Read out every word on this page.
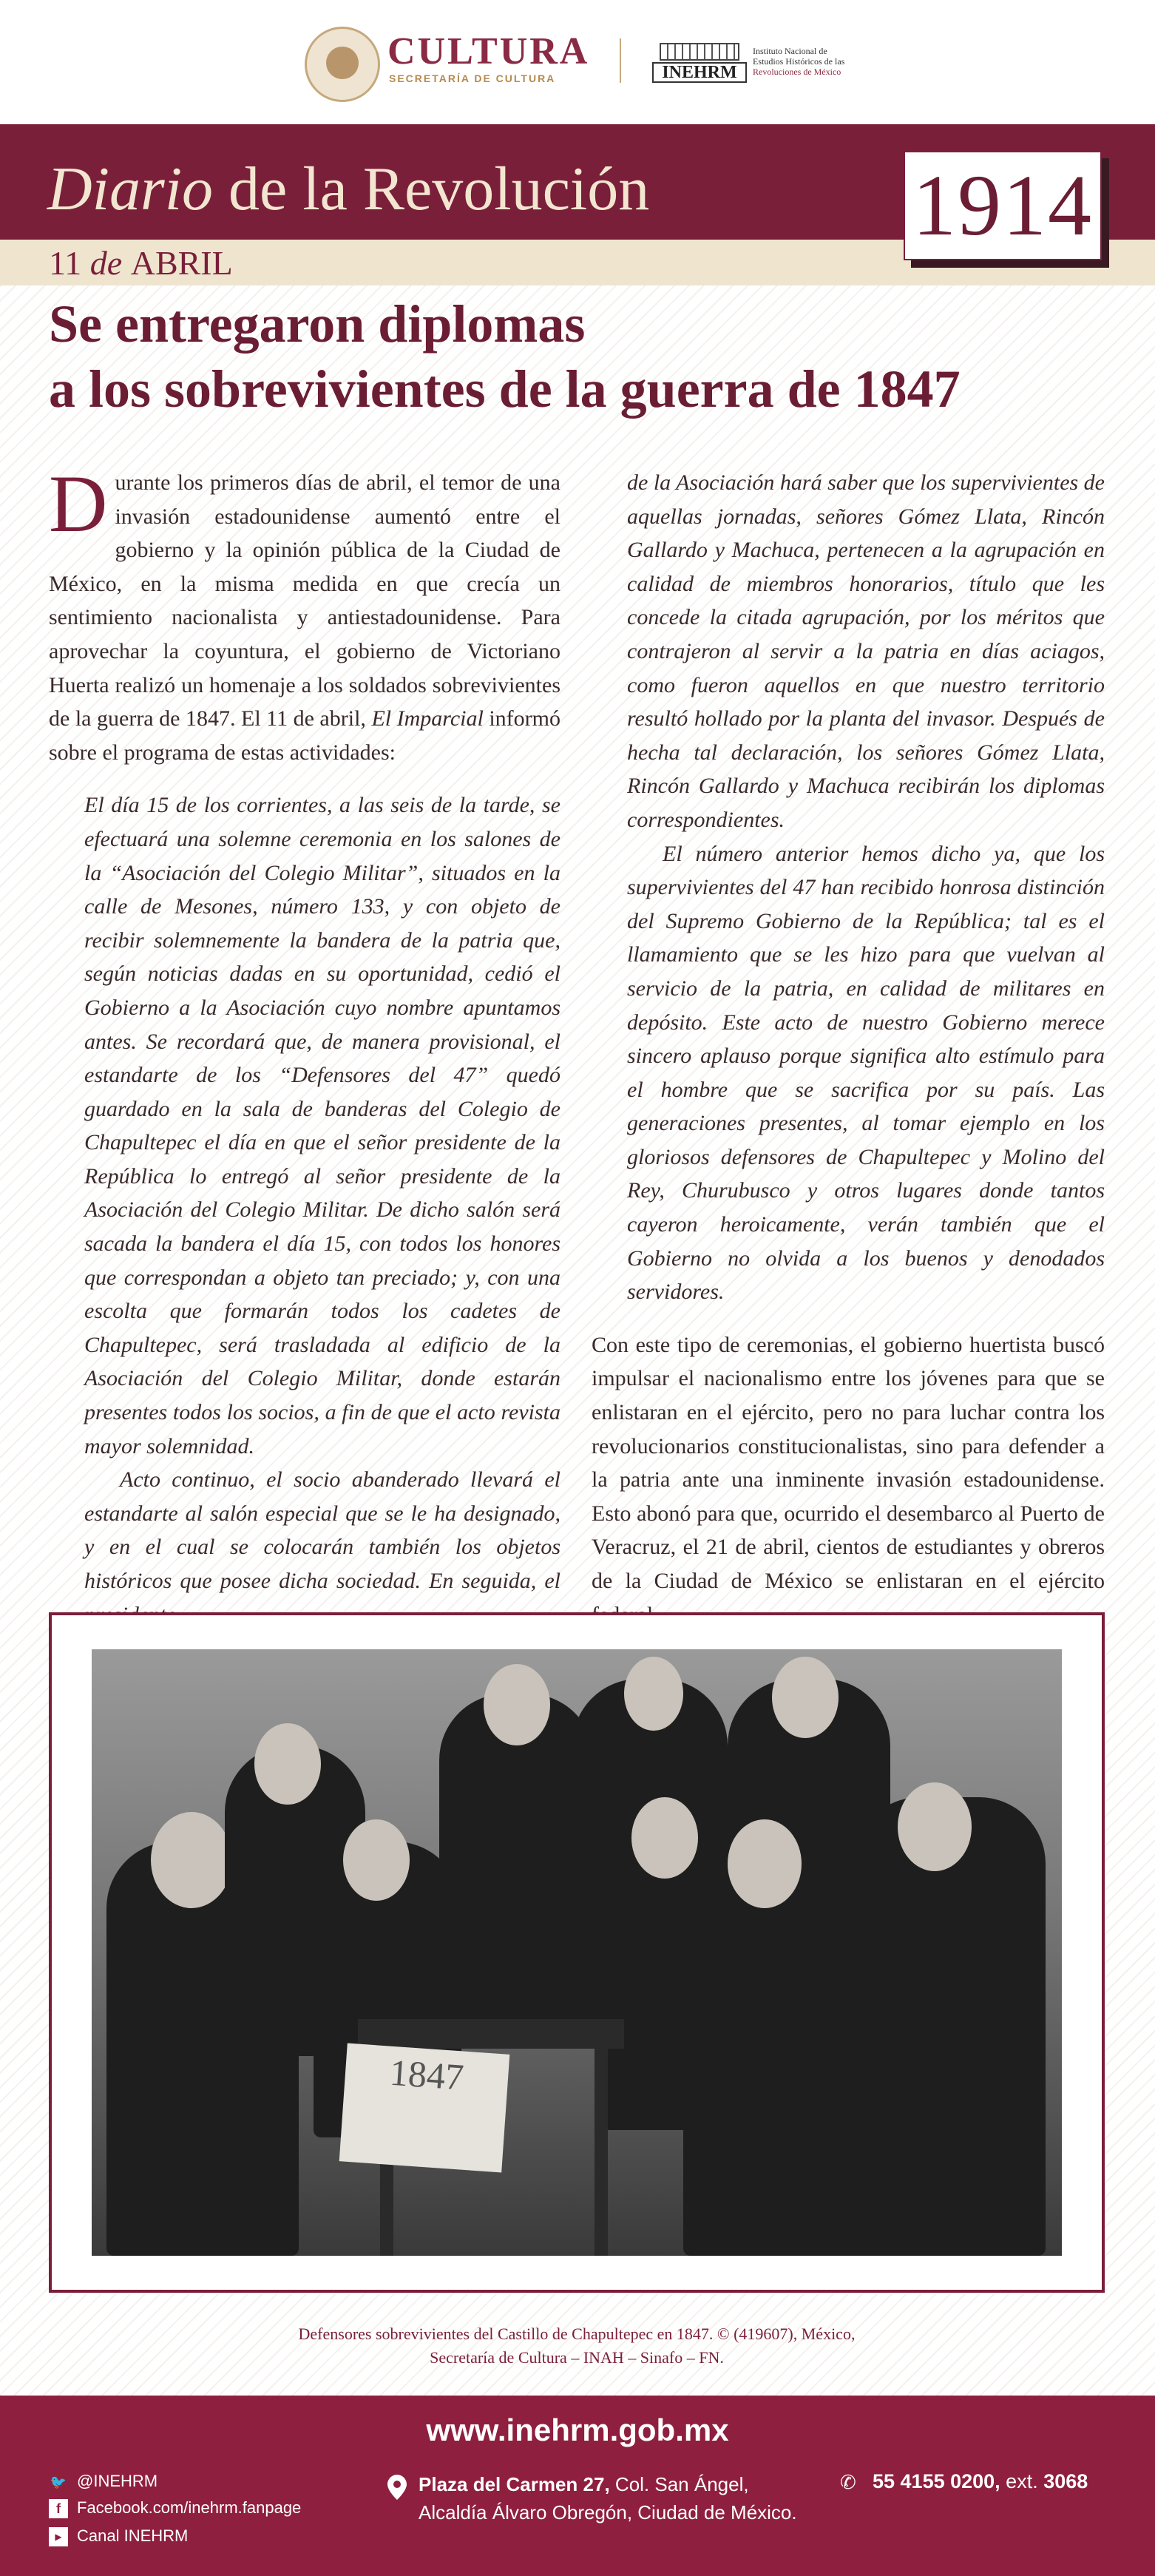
CULTURA
SECRETARÍA DE CULTURA	INEHRM
Instituto Nacional de
Estudios Históricos de las
Revoluciones de México
Diario de la Revolución
11 de ABRIL
1914
Se entregaron diplomas
a los sobrevivientes de la guerra de 1847

Durante los primeros días de abril, el temor de una invasión estadounidense aumentó entre el gobierno y la opinión pública de la Ciudad de México, en la misma medida en que crecía un sentimiento nacionalista y antiestadounidense. Para aprovechar la coyuntura, el gobierno de Victoriano Huerta realizó un homenaje a los soldados sobrevivientes de la guerra de 1847. El 11 de abril, El Imparcial informó sobre el programa de estas actividades:

El día 15 de los corrientes, a las seis de la tarde, se efectuará una solemne ceremonia en los salones de la “Asociación del Colegio Militar”, situados en la calle de Mesones, número 133, y con objeto de recibir solemnemente la bandera de la patria que, según noticias dadas en su oportunidad, cedió el Gobierno a la Asociación cuyo nombre apuntamos antes. Se recordará que, de manera provisional, el estandarte de los “Defensores del 47” quedó guardado en la sala de banderas del Colegio de Chapultepec el día en que el señor presidente de la República lo entregó al señor presidente de la Asociación del Colegio Militar. De dicho salón será sacada la bandera el día 15, con todos los honores que correspondan a objeto tan preciado; y, con una escolta que formarán todos los cadetes de Chapultepec, será trasladada al edificio de la Asociación del Colegio Militar, donde estarán presentes todos los socios, a fin de que el acto revista mayor solemnidad.

Acto continuo, el socio abanderado llevará el estandarte al salón especial que se le ha designado, y en el cual se colocarán también los objetos históricos que posee dicha sociedad. En seguida, el

de la Asociación hará saber que los supervivientes de aquellas jornadas, señores Gómez Llata, Rincón Gallardo y Machuca, pertenecen a la agrupación en calidad de miembros honorarios, título que les concede la citada agrupación, por los méritos que contrajeron al servir a la patria en días aciagos, como fueron aquellos en que nuestro territorio resultó hollado por la planta del invasor. Después de hecha tal declaración, los señores Gómez Llata, Rincón Gallardo y Machuca recibirán los diplomas correspondientes.

El número anterior hemos dicho ya, que los supervivientes del 47 han recibido honrosa distinción del Supremo Gobierno de la República; tal es el llamamiento que se les hizo para que vuelvan al servicio de la patria, en calidad de militares en depósito. Este acto de nuestro Gobierno merece sincero aplauso porque significa alto estímulo para el hombre que se sacrifica por su país. Las generaciones presentes, al tomar ejemplo en los gloriosos defensores de Chapultepec y Molino del Rey, Churubusco y otros lugares donde tantos cayeron heroicamente, verán también que el Gobierno no olvida a los buenos y denodados servidores.

Con este tipo de ceremonias, el gobierno huertista buscó impulsar el nacionalismo entre los jóvenes para que se enlistaran en el ejército, pero no para luchar contra los revolucionarios constitucionalistas, sino para defender a la patria ante una inminente invasión estadounidense. Esto abonó para que, ocurrido el desembarco al Puerto de Veracruz, el 21 de abril, cientos de estudiantes y obreros de la Ciudad de México se enlistaran en el ejército

1847
Defensores sobrevivientes del Castillo de Chapultepec en 1847. © (419607), México,
Secretaría de Cultura – INAH – Sinafo – FN.
www.inehrm.gob.mx
🐦 @INEHRM
f Facebook.com/inehrm.fanpage
▶ Canal INEHRM
Plaza del Carmen 27, Col. San Ángel,
Alcaldía Álvaro Obregón, Ciudad de México.
✆ 55 4155 0200, ext. 3068
